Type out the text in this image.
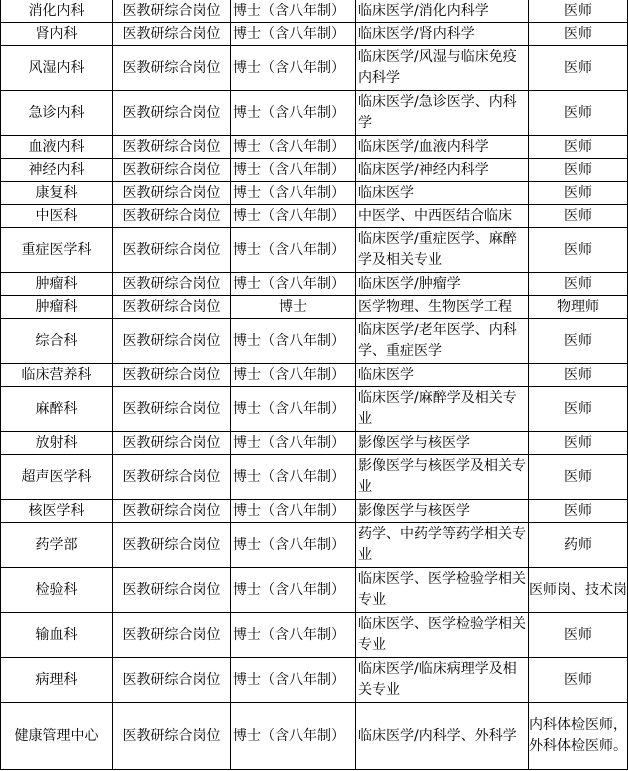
消化内科	医教研综合岗位	博士（含八年制）	临床医学/消化内科学	医师
肾内科	医教研综合岗位	博士（含八年制）	临床医学/肾内科学	医师
风湿内科	医教研综合岗位	博士（含八年制）	临床医学/风湿与临床免疫内科学	医师
急诊内科	医教研综合岗位	博士（含八年制）	临床医学/急诊医学、内科学	医师
血液内科	医教研综合岗位	博士（含八年制）	临床医学/血液内科学	医师
神经内科	医教研综合岗位	博士（含八年制）	临床医学/神经内科学	医师
康复科	医教研综合岗位	博士（含八年制）	临床医学	医师
中医科	医教研综合岗位	博士（含八年制）	中医学、中西医结合临床	医师
重症医学科	医教研综合岗位	博士（含八年制）	临床医学/重症医学、麻醉学及相关专业	医师
肿瘤科	医教研综合岗位	博士（含八年制）	临床医学/肿瘤学	医师
肿瘤科	医教研综合岗位	博士	医学物理、生物医学工程	物理师
综合科	医教研综合岗位	博士（含八年制）	临床医学/老年医学、内科学、重症医学	医师
临床营养科	医教研综合岗位	博士（含八年制）	临床医学	医师
麻醉科	医教研综合岗位	博士（含八年制）	临床医学/麻醉学及相关专业	医师
放射科	医教研综合岗位	博士（含八年制）	影像医学与核医学	医师
超声医学科	医教研综合岗位	博士（含八年制）	影像医学与核医学及相关专业	医师
核医学科	医教研综合岗位	博士（含八年制）	影像医学与核医学	医师
药学部	医教研综合岗位	博士（含八年制）	药学、中药学等药学相关专业	药师
检验科	医教研综合岗位	博士（含八年制）	临床医学、医学检验学相关专业	医师岗、技术岗
输血科	医教研综合岗位	博士（含八年制）	临床医学、医学检验学相关专业	医师
病理科	医教研综合岗位	博士（含八年制）	临床医学/临床病理学及相关专业	医师
健康管理中心	医教研综合岗位	博士（含八年制）	临床医学/内科学、外科学	内科体检医师，外科体检医师。
